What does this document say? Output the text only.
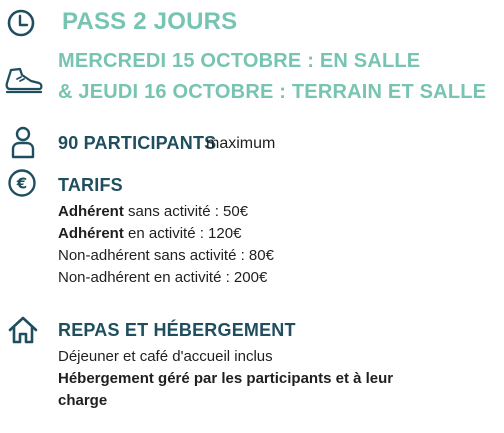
PASS 2 JOURS
MERCREDI 15 OCTOBRE : EN SALLE
& JEUDI 16 OCTOBRE : TERRAIN ET SALLE
90 PARTICIPANTS
maximum
€ TARIFS
Adhérent sans activité : 50€
Adhérent en activité : 120€
Non-adhérent sans activité : 80€
Non-adhérent en activité : 200€
REPAS ET HÉBERGEMENT
Déjeuner et café d'accueil inclus
Hébergement géré par les participants et à leur
charge
